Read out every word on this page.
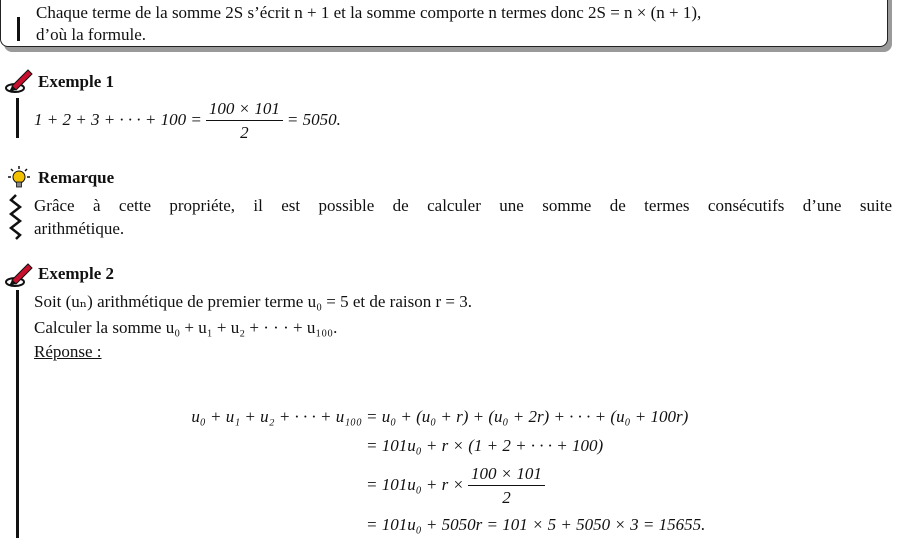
Chaque terme de la somme 2S s’écrit n + 1 et la somme comporte n termes donc 2S = n × (n + 1),
d’où la formule.
Exemple 1
1 + 2 + 3 + · · · + $100 = \frac{100 \times 101}{2} = 5050$.
Remarque
Grâce à cette propriéte, il est possible de calculer une somme de termes consécutifs d’une suite
arithmétique.
Exemple 2
Soit (uₙ) arithmétique de premier terme u₀ = 5 et de raison r = 3.
Calculer la somme u₀ + u₁ + u₂ + · · · + u₁₀₀.
Réponse :
u₀ + u₁ + u₂ + · · · + u₁₀₀ = u₀ + (u₀ + r) + (u₀ + 2r) + · · · + (u₀ + 100r)
= 101u₀ + r × (1 + 2 + · · · + 100)
= $101u_0 + r \times \frac{100 \times 101}{2}$
= 101u₀ + 5050r = 101 × 5 + 5050 × 3 = 15655.
